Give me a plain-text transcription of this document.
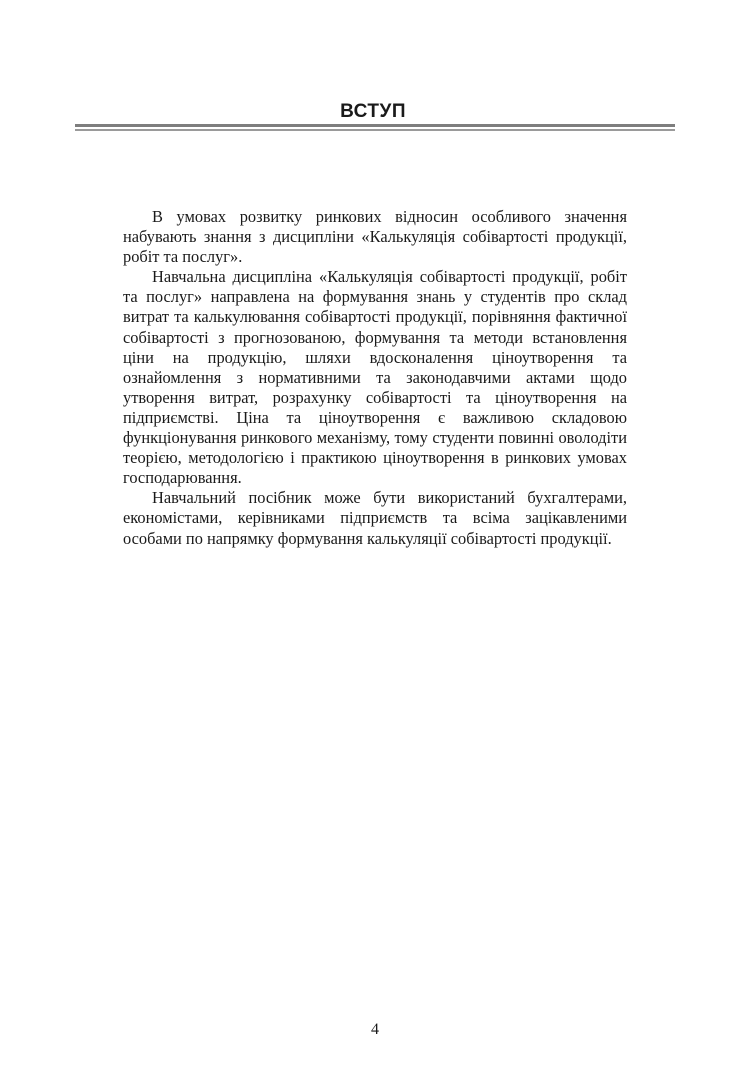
ВСТУП

В умовах розвитку ринкових відносин особливого значення набувають знання з дисципліни «Калькуляція собівартості продукції, робіт та послуг».

Навчальна дисципліна «Калькуляція собівартості продукції, робіт та послуг» направлена на формування знань у студентів про склад витрат та калькулювання собівартості продукції, порівняння фактичної собівартості з прогнозованою, формування та методи встановлення ціни на продукцію, шляхи вдосконалення ціноутворення та ознайомлення з нормативними та законодавчими актами щодо утворення витрат, розрахунку собівартості та ціноутворення на підприємстві. Ціна та ціноутворення є важливою складовою функціонування ринкового механізму, тому студенти повинні оволодіти теорією, методологією і практикою ціноутворення в ринкових умовах господарювання.

Навчальний посібник може бути використаний бухгалтерами, економістами, керівниками підприємств та всіма зацікавленими особами по напрямку формування калькуляції собівартості продукції.

4
